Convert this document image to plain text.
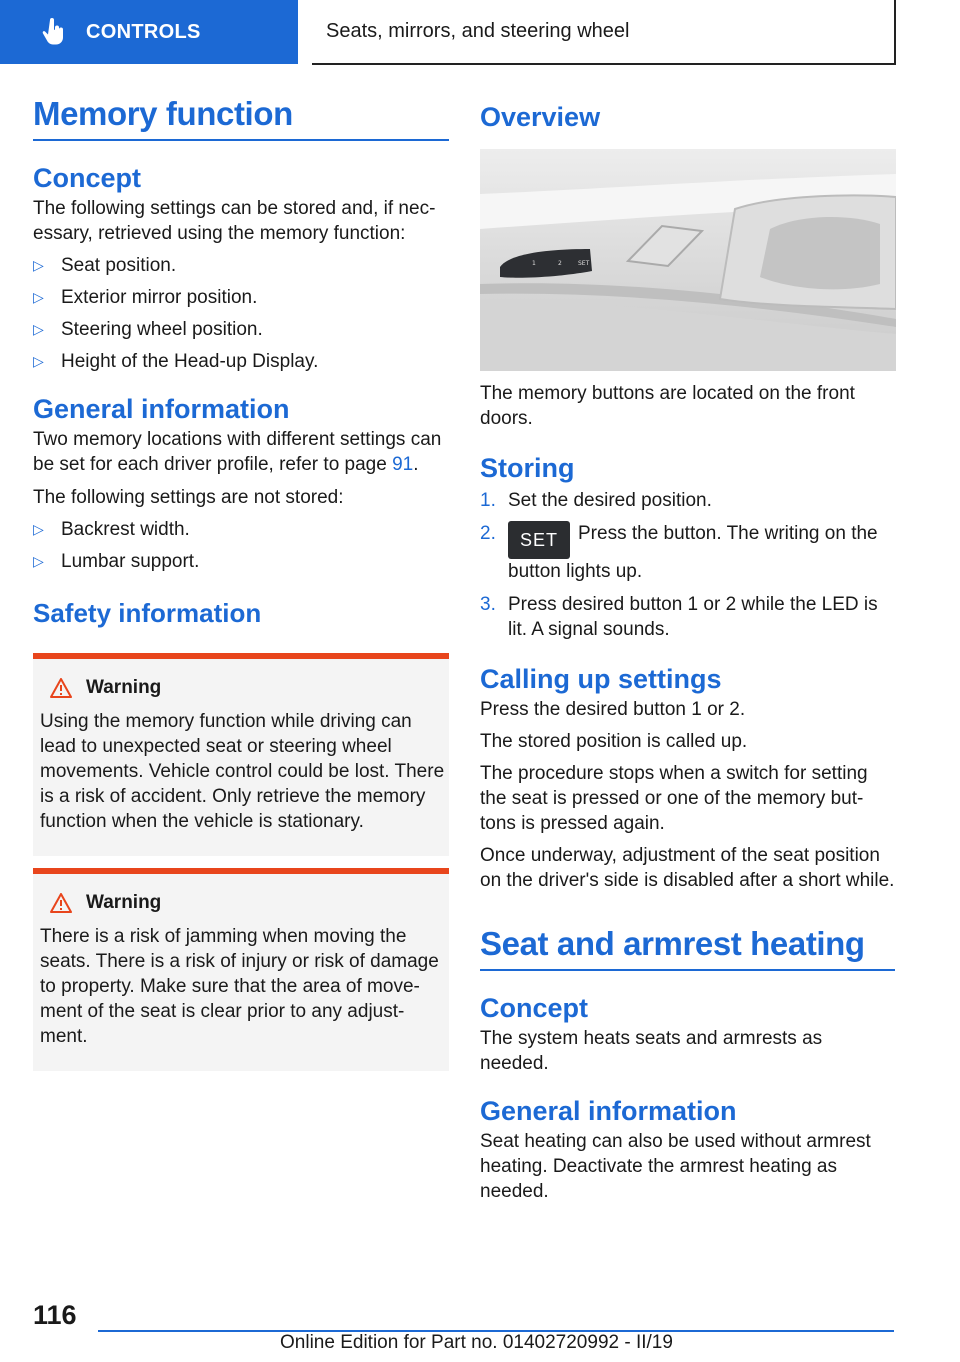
CONTROLS	Seats, mirrors, and steering wheel
Memory function
Concept

The following settings can be stored and, if nec-essary, retrieved using the memory function:

▷ Seat position.
▷ Exterior mirror position.
▷ Steering wheel position.
▷ Height of the Head-up Display.
General information

Two memory locations with different settings can be set for each driver profile, refer to page 91.

The following settings are not stored:

▷ Backrest width.
▷ Lumbar support.
Safety information
Warning

Using the memory function while driving can lead to unexpected seat or steering wheel movements. Vehicle control could be lost. There is a risk of accident. Only retrieve the memory function when the vehicle is stationary.

Warning

There is a risk of jamming when moving the seats. There is a risk of injury or risk of damage to property. Make sure that the area of move-ment of the seat is clear prior to any adjust-ment.

Overview
1	2	SET

The memory buttons are located on the front doors.

Storing
1. Set the desired position.
2.	SET Press the button. The writing on the button lights up.
3. Press desired button 1 or 2 while the LED is lit. A signal sounds.
Calling up settings

Press the desired button 1 or 2.

The stored position is called up.

The procedure stops when a switch for setting the seat is pressed or one of the memory but-tons is pressed again.

Once underway, adjustment of the seat position on the driver's side is disabled after a short while.

Seat and armrest heating
Concept

The system heats seats and armrests as needed.

General information

Seat heating can also be used without armrest heating. Deactivate the armrest heating as needed.

116
Online Edition for Part no. 01402720992 - II/19
